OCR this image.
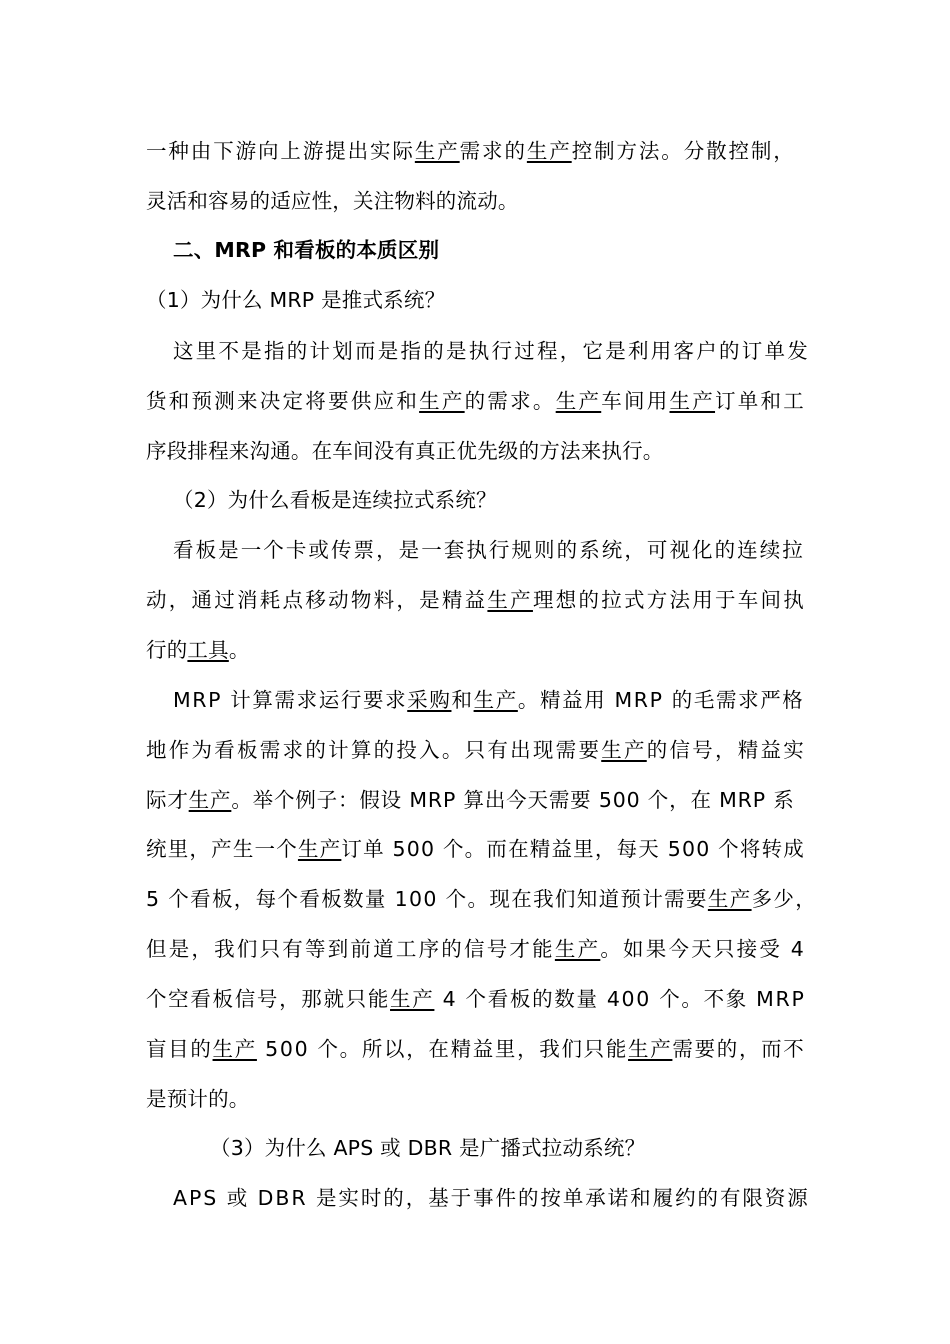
一种由下游向上游提出实际生产需求的生产控制方法。分散控制，
灵活和容易的适应性，关注物料的流动。
二、MRP 和看板的本质区别
（1）为什么 MRP 是推式系统？
这里不是指的计划而是指的是执行过程，它是利用客户的订单发
货和预测来决定将要供应和生产的需求。生产车间用生产订单和工
序段排程来沟通。在车间没有真正优先级的方法来执行。
（2）为什么看板是连续拉式系统？
看板是一个卡或传票，是一套执行规则的系统，可视化的连续拉
动，通过消耗点移动物料，是精益生产理想的拉式方法用于车间执
行的工具。
MRP 计算需求运行要求采购和生产。精益用 MRP 的毛需求严格
地作为看板需求的计算的投入。只有出现需要生产的信号，精益实
际才生产。举个例子：假设 MRP 算出今天需要 500 个，在 MRP 系
统里，产生一个生产订单 500 个。而在精益里，每天 500 个将转成
5 个看板，每个看板数量 100 个。现在我们知道预计需要生产多少，
但是，我们只有等到前道工序的信号才能生产。如果今天只接受 4
个空看板信号，那就只能生产 4 个看板的数量 400 个。不象 MRP
盲目的生产 500 个。所以，在精益里，我们只能生产需要的，而不
是预计的。
（3）为什么 APS 或 DBR 是广播式拉动系统？
APS 或 DBR 是实时的，基于事件的按单承诺和履约的有限资源
